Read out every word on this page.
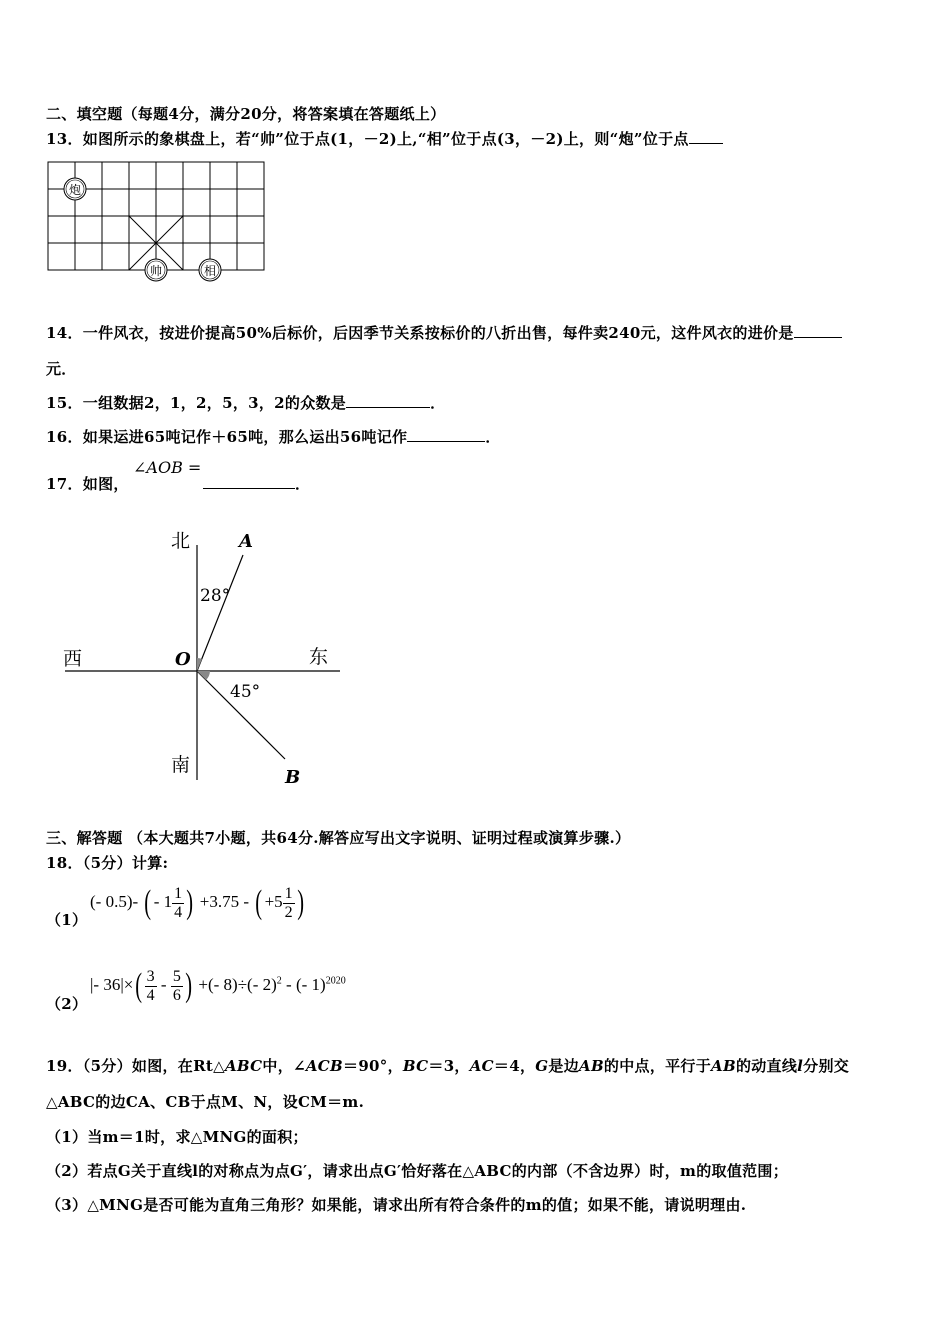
二、填空题（每题4分，满分20分，将答案填在答题纸上）
13．如图所示的象棋盘上，若“帅”位于点(1，－2)上,“相”位于点(3，－2)上，则“炮”位于点
炮
帅	相
14．一件风衣，按进价提高50%后标价，后因季节关系按标价的八折出售，每件卖240元，这件风衣的进价是
元．
15．一组数据2，1，2，5，3，2的众数是	．
16．如果运进65吨记作＋65吨，那么运出56吨记作	．
17．如图，
∠AOB =
．
北
南
西	东
A
B
O
28°
45°
三、解答题 （本大题共7小题，共64分.解答应写出文字说明、证明过程或演算步骤.）
18．（5分）计算:
（1）
(- 0.5)- ( - $1 \frac{1}{4}$ ) +3.75 - ( $+5 \frac{1}{2}$ )
（2）
|- $36|\times( \frac{3}{4} - \frac{5}{6}$ ) +(- 8)÷(- 2)$^2$ - (- 1)$^{2020}$
19．（5分）如图，在Rt△ABC中，∠ACB＝90°，BC＝3，AC＝4，G是边AB的中点，平行于AB的动直线l分别交
△ABC的边CA、CB于点M、N，设CM＝m.
（1）当m＝1时，求△MNG的面积；
（2）若点G关于直线l的对称点为点G′，请求出点G′恰好落在△ABC的内部（不含边界）时，m的取值范围；
（3）△MNG是否可能为直角三角形？如果能，请求出所有符合条件的m的值；如果不能，请说明理由.
